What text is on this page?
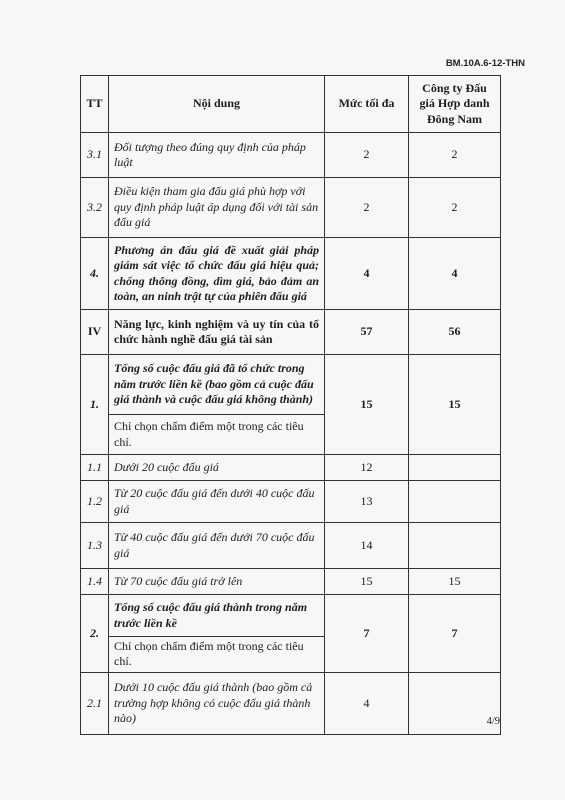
BM.10A.6-12-THN
TT	Nội dung	Mức tối đa	Công ty Đấu giá Hợp danh Đông Nam
3.1	Đối tượng theo đúng quy định của pháp luật	2	2
3.2	Điều kiện tham gia đấu giá phù hợp với quy định pháp luật áp dụng đối với tài sản đấu giá	2	2
4.	Phương án đấu giá đề xuất giải pháp giám sát việc tổ chức đấu giá hiệu quả; chống thông đồng, dìm giá, bảo đảm an toàn, an ninh trật tự của phiên đấu giá	4	4
IV	Năng lực, kinh nghiệm và uy tín của tổ chức hành nghề đấu giá tài sản	57	56
1.	Tổng số cuộc đấu giá đã tổ chức trong năm trước liền kề (bao gồm cả cuộc đấu giá thành và cuộc đấu giá không thành)	15	15
	Chỉ chọn chấm điểm một trong các tiêu chí.		
1.1	Dưới 20 cuộc đấu giá	12	
1.2	Từ 20 cuộc đấu giá đến dưới 40 cuộc đấu giá	13	
1.3	Từ 40 cuộc đấu giá đến dưới 70 cuộc đấu giá	14	
1.4	Từ 70 cuộc đấu giá trở lên	15	15
2.	Tổng số cuộc đấu giá thành trong năm trước liền kề	7	7
	Chỉ chọn chấm điểm một trong các tiêu chí.		
2.1	Dưới 10 cuộc đấu giá thành (bao gồm cả trường hợp không có cuộc đấu giá thành nào)	4	
4/9
